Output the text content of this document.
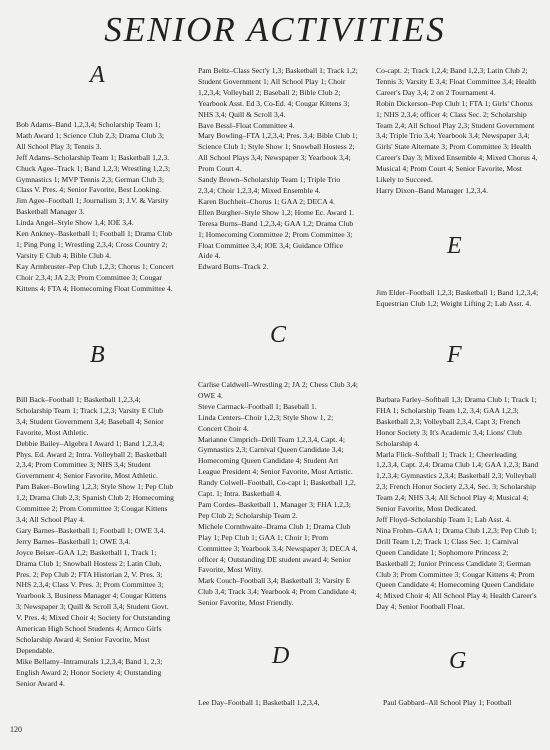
SENIOR ACTIVITIES
A

Bob Adams–Band 1,2,3,4; Scholarship Team 1; Math Award 1; Science Club 2,3; Drama Club 3; All School Play 3; Tennis 3.

Jeff Adams–Scholarship Team 1; Basketball 1,2,3.

Chuck Agee–Track 1; Band 1,2,3; Wrestling 1,2,3; Gymnastics 1; MVP Tennis 2,3; German Club 3; Class V. Pres. 4; Senior Favorite, Best Looking.

Jim Agee–Football 1; Journalism 3; J.V. & Varsity Basketball Manager 3.

Linda Angel–Style Show 1,4; IOE 3,4.

Ken Ankney–Basketball 1; Football 1; Drama Club 1; Ping Pong 1; Wrestling 2,3,4; Cross Country 2; Varsity E Club 4; Bible Club 4.

Kay Armbruster–Pep Club 1,2,3; Chorus 1; Concert Choir 2,3,4; JA 2,3; Prom Committee 3; Cougar Kittens 4; FTA 4; Homecoming Float Committee 4.

B

Bill Back–Football 1; Basketball 1,2,3,4; Scholarship Team 1; Track 1,2,3; Varsity E Club 3,4; Student Government 3,4; Baseball 4; Senior Favorite, Most Athletic.

Debbie Bailey–Algebra I Award 1; Band 1,2,3,4; Phys. Ed. Award 2; Intra. Volleyball 2; Basketball 2,3,4; Prom Committee 3; NHS 3,4; Student Government 4; Senior Favorite, Most Athletic.

Pam Baker–Bowling 1,2,3; Style Show 1; Pep Club 1,2; Drama Club 2,3; Spanish Club 2; Homecoming Committee 2; Prom Committee 3; Cougar Kittens 3,4; All School Play 4.

Gary Barnes–Basketball 1; Football 1; OWE 3,4.

Jerry Barnes–Basketball 1; OWE 3,4.

Joyce Beiser–GAA 1,2; Basketball 1, Track 1; Drama Club 1; Snowball Hostess 2; Latin Club, Pres. 2; Pep Club 2; FTA Historian 2, V. Pres. 3; NHS 2,3,4; Class V. Pres. 3; Prom Committee 3; Yearbook 3, Business Manager 4; Cougar Kittens 3; Newspaper 3; Quill & Scroll 3,4; Student Govt. V. Pres. 4; Mixed Choir 4; Society for Outstanding American High School Students 4; Armco Girls Scholarship Award 4; Senior Favorite, Most Dependable.

Mike Bellamy–Intramurals 1,2,3,4; Band 1, 2,3; English Award 2; Honor Society 4; Outstanding Senior Award 4.

Pam Beltz–Class Sect'y 1,3; Basketball 1; Track 1,2; Student Government 1; All School Play 1; Choir 1,2,3,4; Volleyball 2; Baseball 2; Bible Club 2; Yearbook Asst. Ed 3, Co-Ed. 4; Cougar Kittens 3; NHS 3,4; Quill & Scroll 3,4.

Bave Bessl–Float Committee 4.

Mary Bowling–FTA 1,2,3,4; Pres. 3,4; Bible Club 1; Science Club 1; Style Show 1; Snowball Hostess 2; All School Plays 3,4; Newspaper 3; Yearbook 3,4; Prom Court 4.

Sandy Brown–Scholarship Team 1; Triple Trio 2,3,4; Choir 1,2,3,4; Mixed Ensemble 4.

Karen Buchheit–Chorus 1; GAA 2; DECA 4.

Ellen Burgher–Style Show 1,2; Home Ec. Award 1.

Teresa Burns–Band 1,2,3,4; GAA 1,2; Drama Club 1; Homecoming Committee 2; Prom Committee 3; Float Committee 3,4; IOE 3,4; Guidance Office Aide 4.

Edward Butts–Track 2.

C

Carlise Caldwell–Wrestling 2; JA 2; Chess Club 3,4; OWE 4.

Steve Carmack–Football 1; Baseball 1.

Linda Centers–Choir 1,2,3; Style Show 1, 2; Concert Choir 4.

Marianne Cimprich–Drill Team 1,2,3,4, Capt. 4; Gymnastics 2,3; Carnival Queen Candidate 3,4; Homecoming Queen Candidate 4; Student Art League President 4; Senior Favorite, Most Artistic.

Randy Colwell–Football, Co-capt 1; Basketball 1,2, Capt. 1; Intra. Basketball 4.

Pam Cordes–Basketball 1, Manager 3; FHA 1,2,3; Pep Club 2; Scholarship Team 2.

Michele Cornthwaite–Drama Club 1; Drama Club Play 1; Pep Club 1; GAA 1; Choir 1; Prom Committee 3; Yearbook 3,4; Newspaper 3; DECA 4, officer 4; Outstanding DE student award 4; Senior Favorite, Most Witty.

Mark Couch–Football 3,4; Basketball 3; Varsity E Club 3,4; Track 3,4; Yearbook 4; Prom Candidate 4; Senior Favorite, Most Friendly.

D

Lee Day–Football 1; Basketball 1,2,3,4,

Co-capt. 2; Track 1,2,4; Band 1,2,3; Latin Club 2; Tennis 3; Varsity E 3,4; Float Committee 3,4; Health Career's Day 3,4; 2 on 2 Tournament 4.

Robin Dickerson–Pep Club 1; FTA 1; Girls' Chorus 1; NHS 2,3,4; officer 4; Class Sec. 2; Scholarship Team 2,4; All School Play 2,3; Student Government 3,4; Triple Trio 3,4; Yearbook 3,4; Newspaper 3,4; Girls' State Alternate 3; Prom Committee 3; Health Career's Day 3; Mixed Ensemble 4; Mixed Chorus 4, Musical 4; Prom Court 4; Senior Favorite, Most Likely to Succeed.

Harry Dixon–Band Manager 1,2,3,4.

E

Jim Elder–Football 1,2,3; Basketball 1; Band 1,2,3,4; Equestrian Club 1,2; Weight Lifting 2; Lab Asst. 4.

F

Barbara Farley–Softball 1,3; Drama Club 1; Track 1; FHA 1; Scholarship Team 1,2, 3,4; GAA 1,2,3; Basketball 2,3; Volleyball 2,3,4, Capt 3; French Honor Society 3; It's Academic 3,4; Lions' Club Scholarship 4.

Marla Flick–Softball 1; Track 1; Cheerleading 1,2,3,4, Capt. 2,4; Drama Club 1,4; GAA 1,2,3; Band 1,2,3,4; Gymnastics 2,3,4; Basketball 2,3; Volleyball 2,3; French Honor Society 2,3,4, Sec. 3; Scholarship Team 2,4; NHS 3,4; All School Play 4; Musical 4; Senior Favorite, Most Dedicated.

Jeff Floyd–Scholarship Team 1; Lab Asst. 4.

Nina Frohm–GAA 1; Drama Club 1,2,3; Pep Club 1; Drill Team 1,2; Track 1; Class Sec. 1; Carnival Queen Candidate 1; Sophomore Princess 2; Basketball 2; Junior Princess Candidate 3; German Club 3; Prom Committee 3; Cougar Kittens 4; Prom Queen Candidate 4; Homecoming Queen Candidate 4; Mixed Choir 4; All School Play 4; Health Career's Day 4; Senior Football Float.

G

Paul Gabbard–All School Play 1; Football

120
